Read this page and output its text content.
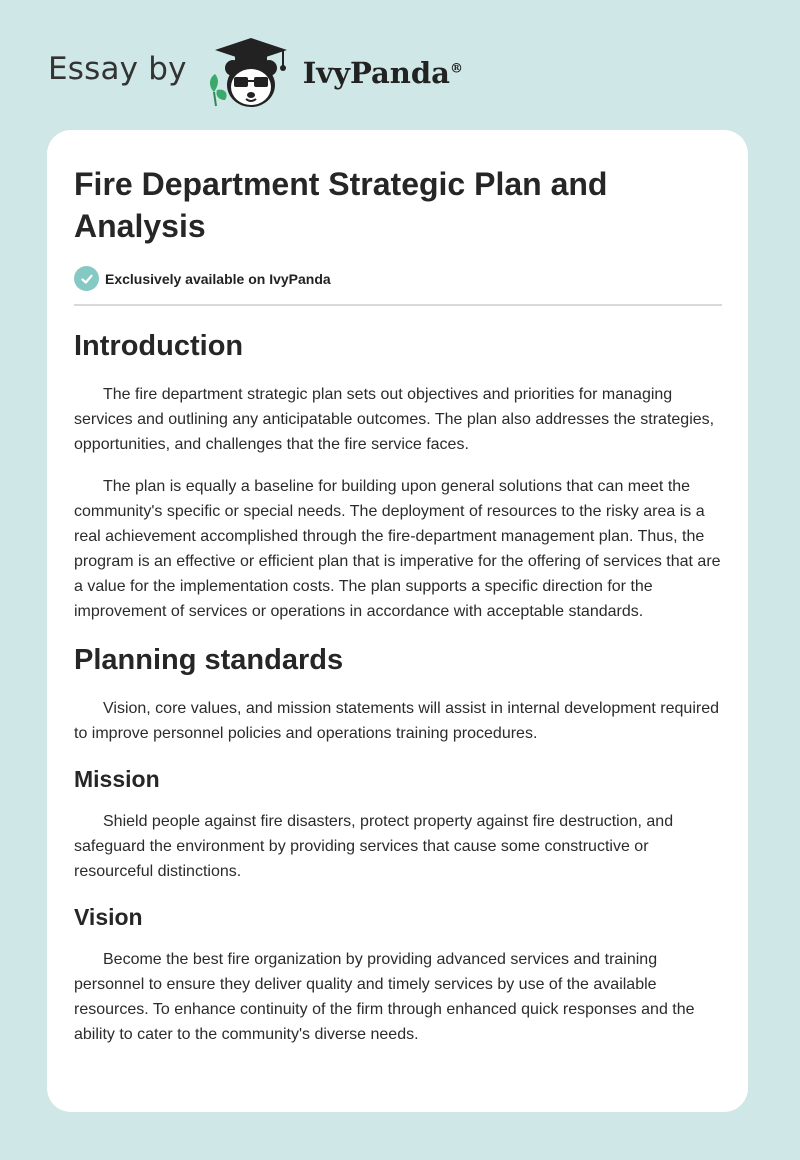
Essay by	IvyPanda®
Fire Department Strategic Plan and Analysis
Exclusively available on IvyPanda
Introduction

The fire department strategic plan sets out objectives and priorities for managing services and outlining any anticipatable outcomes. The plan also addresses the strategies, opportunities, and challenges that the fire service faces.

The plan is equally a baseline for building upon general solutions that can meet the community's specific or special needs. The deployment of resources to the risky area is a real achievement accomplished through the fire-department management plan. Thus, the program is an effective or efficient plan that is imperative for the offering of services that are a value for the implementation costs. The plan supports a specific direction for the improvement of services or operations in accordance with acceptable standards.

Planning standards

Vision, core values, and mission statements will assist in internal development required to improve personnel policies and operations training procedures.

Mission

Shield people against fire disasters, protect property against fire destruction, and safeguard the environment by providing services that cause some constructive or resourceful distinctions.

Vision

Become the best fire organization by providing advanced services and training personnel to ensure they deliver quality and timely services by use of the available resources. To enhance continuity of the firm through enhanced quick responses and the ability to cater to the community's diverse needs.
